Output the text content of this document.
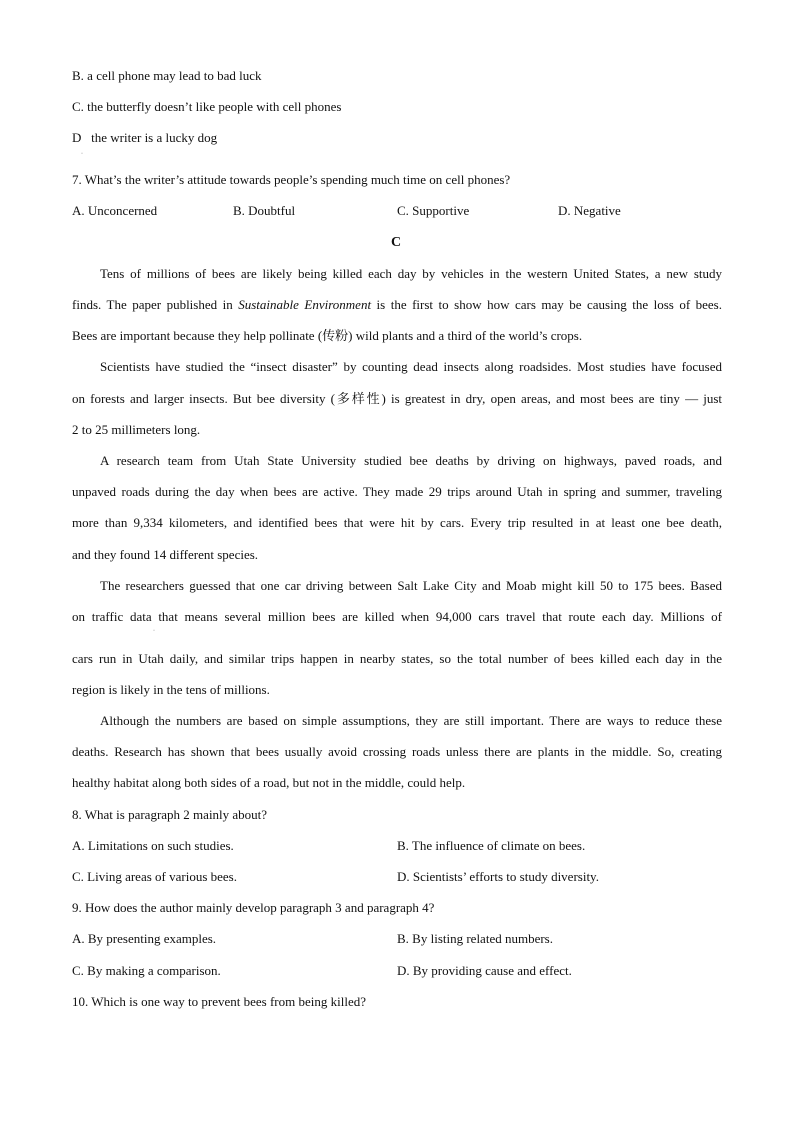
B. a cell phone may lead to bad luck
C. the butterfly doesn’t like people with cell phones
D the writer is a lucky dog
·
7. What’s the writer’s attitude towards people’s spending much time on cell phones?
A. Unconcerned	B. Doubtful	C. Supportive	D. Negative
C
Tens of millions of bees are likely being killed each day by vehicles in the western United States, a new study
finds. The paper published in Sustainable Environment is the first to show how cars may be causing the loss of bees.
Bees are important because they help pollinate (传粉) wild plants and a third of the world’s crops.
Scientists have studied the “insect disaster” by counting dead insects along roadsides. Most studies have focused
on forests and larger insects. But bee diversity (多样性) is greatest in dry, open areas, and most bees are tiny — just
2 to 25 millimeters long.
A research team from Utah State University studied bee deaths by driving on highways, paved roads, and
unpaved roads during the day when bees are active. They made 29 trips around Utah in spring and summer, traveling
more than 9,334 kilometers, and identified bees that were hit by cars. Every trip resulted in at least one bee death,
and they found 14 different species.
The researchers guessed that one car driving between Salt Lake City and Moab might kill 50 to 175 bees. Based
on traffic data that means several million bees are killed when 94,000 cars travel that route each day. Millions of
·
cars run in Utah daily, and similar trips happen in nearby states, so the total number of bees killed each day in the
region is likely in the tens of millions.
Although the numbers are based on simple assumptions, they are still important. There are ways to reduce these
deaths. Research has shown that bees usually avoid crossing roads unless there are plants in the middle. So, creating
healthy habitat along both sides of a road, but not in the middle, could help.
8. What is paragraph 2 mainly about?
A. Limitations on such studies.	B. The influence of climate on bees.
C. Living areas of various bees.	D. Scientists’ efforts to study diversity.
9. How does the author mainly develop paragraph 3 and paragraph 4?
A. By presenting examples.	B. By listing related numbers.
C. By making a comparison.	D. By providing cause and effect.
10. Which is one way to prevent bees from being killed?
